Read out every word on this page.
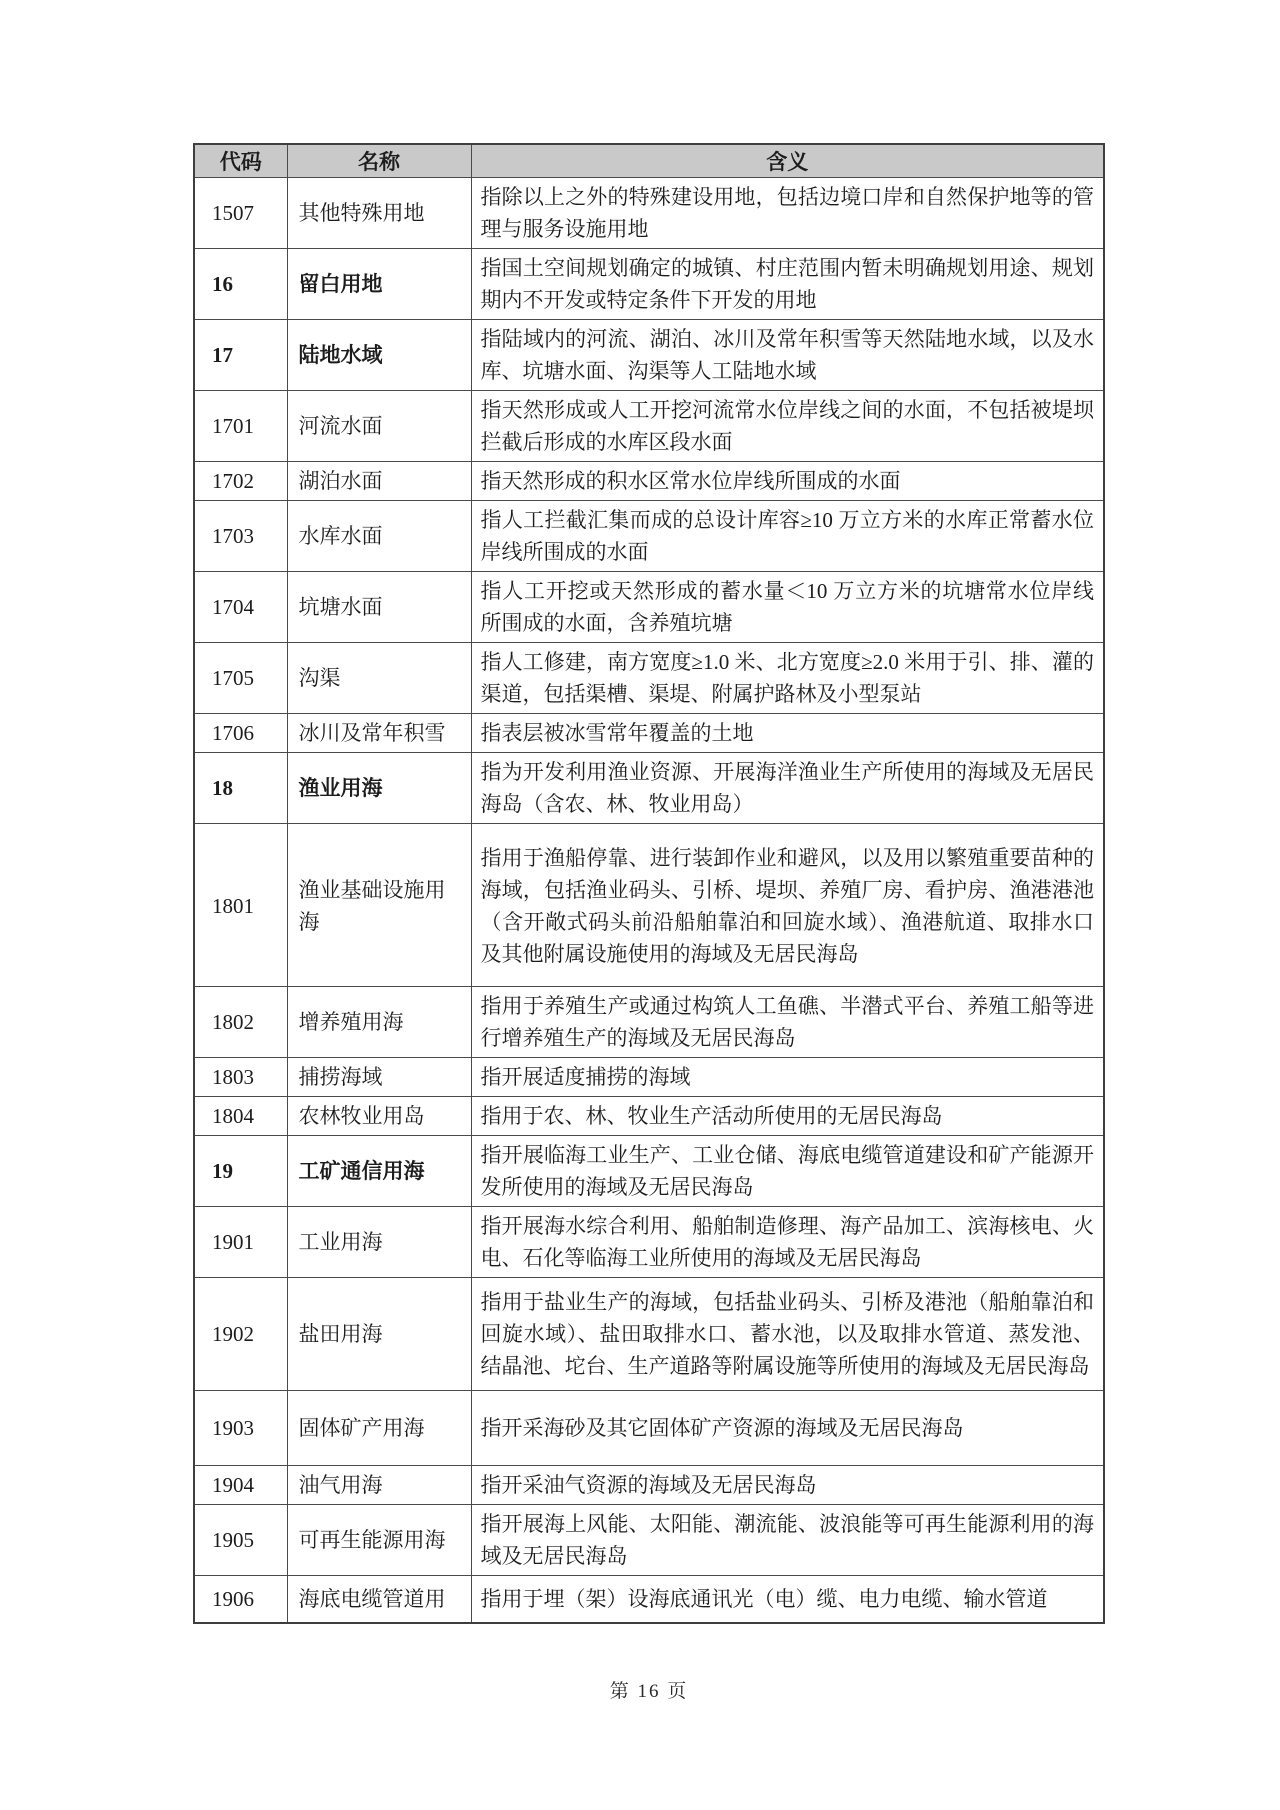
代码	名称	含义
1507	其他特殊用地	指除以上之外的特殊建设用地，包括边境口岸和自然保护地等的管理与服务设施用地
16	留白用地	指国土空间规划确定的城镇、村庄范围内暂未明确规划用途、规划期内不开发或特定条件下开发的用地
17	陆地水域	指陆域内的河流、湖泊、冰川及常年积雪等天然陆地水域，以及水库、坑塘水面、沟渠等人工陆地水域
1701	河流水面	指天然形成或人工开挖河流常水位岸线之间的水面，不包括被堤坝拦截后形成的水库区段水面
1702	湖泊水面	指天然形成的积水区常水位岸线所围成的水面
1703	水库水面	指人工拦截汇集而成的总设计库容≥10 万立方米的水库正常蓄水位岸线所围成的水面
1704	坑塘水面	指人工开挖或天然形成的蓄水量＜10 万立方米的坑塘常水位岸线所围成的水面，含养殖坑塘
1705	沟渠	指人工修建，南方宽度≥1.0 米、北方宽度≥2.0 米用于引、排、灌的渠道，包括渠槽、渠堤、附属护路林及小型泵站
1706	冰川及常年积雪	指表层被冰雪常年覆盖的土地
18	渔业用海	指为开发利用渔业资源、开展海洋渔业生产所使用的海域及无居民海岛（含农、林、牧业用岛）
1801	渔业基础设施用海	指用于渔船停靠、进行装卸作业和避风，以及用以繁殖重要苗种的海域，包括渔业码头、引桥、堤坝、养殖厂房、看护房、渔港港池（含开敞式码头前沿船舶靠泊和回旋水域）、渔港航道、取排水口及其他附属设施使用的海域及无居民海岛
1802	增养殖用海	指用于养殖生产或通过构筑人工鱼礁、半潜式平台、养殖工船等进行增养殖生产的海域及无居民海岛
1803	捕捞海域	指开展适度捕捞的海域
1804	农林牧业用岛	指用于农、林、牧业生产活动所使用的无居民海岛
19	工矿通信用海	指开展临海工业生产、工业仓储、海底电缆管道建设和矿产能源开发所使用的海域及无居民海岛
1901	工业用海	指开展海水综合利用、船舶制造修理、海产品加工、滨海核电、火电、石化等临海工业所使用的海域及无居民海岛
1902	盐田用海	指用于盐业生产的海域，包括盐业码头、引桥及港池（船舶靠泊和回旋水域）、盐田取排水口、蓄水池，以及取排水管道、蒸发池、结晶池、坨台、生产道路等附属设施等所使用的海域及无居民海岛
1903	固体矿产用海	指开采海砂及其它固体矿产资源的海域及无居民海岛
1904	油气用海	指开采油气资源的海域及无居民海岛
1905	可再生能源用海	指开展海上风能、太阳能、潮流能、波浪能等可再生能源利用的海域及无居民海岛
1906	海底电缆管道用	指用于埋（架）设海底通讯光（电）缆、电力电缆、输水管道
第 16 页
